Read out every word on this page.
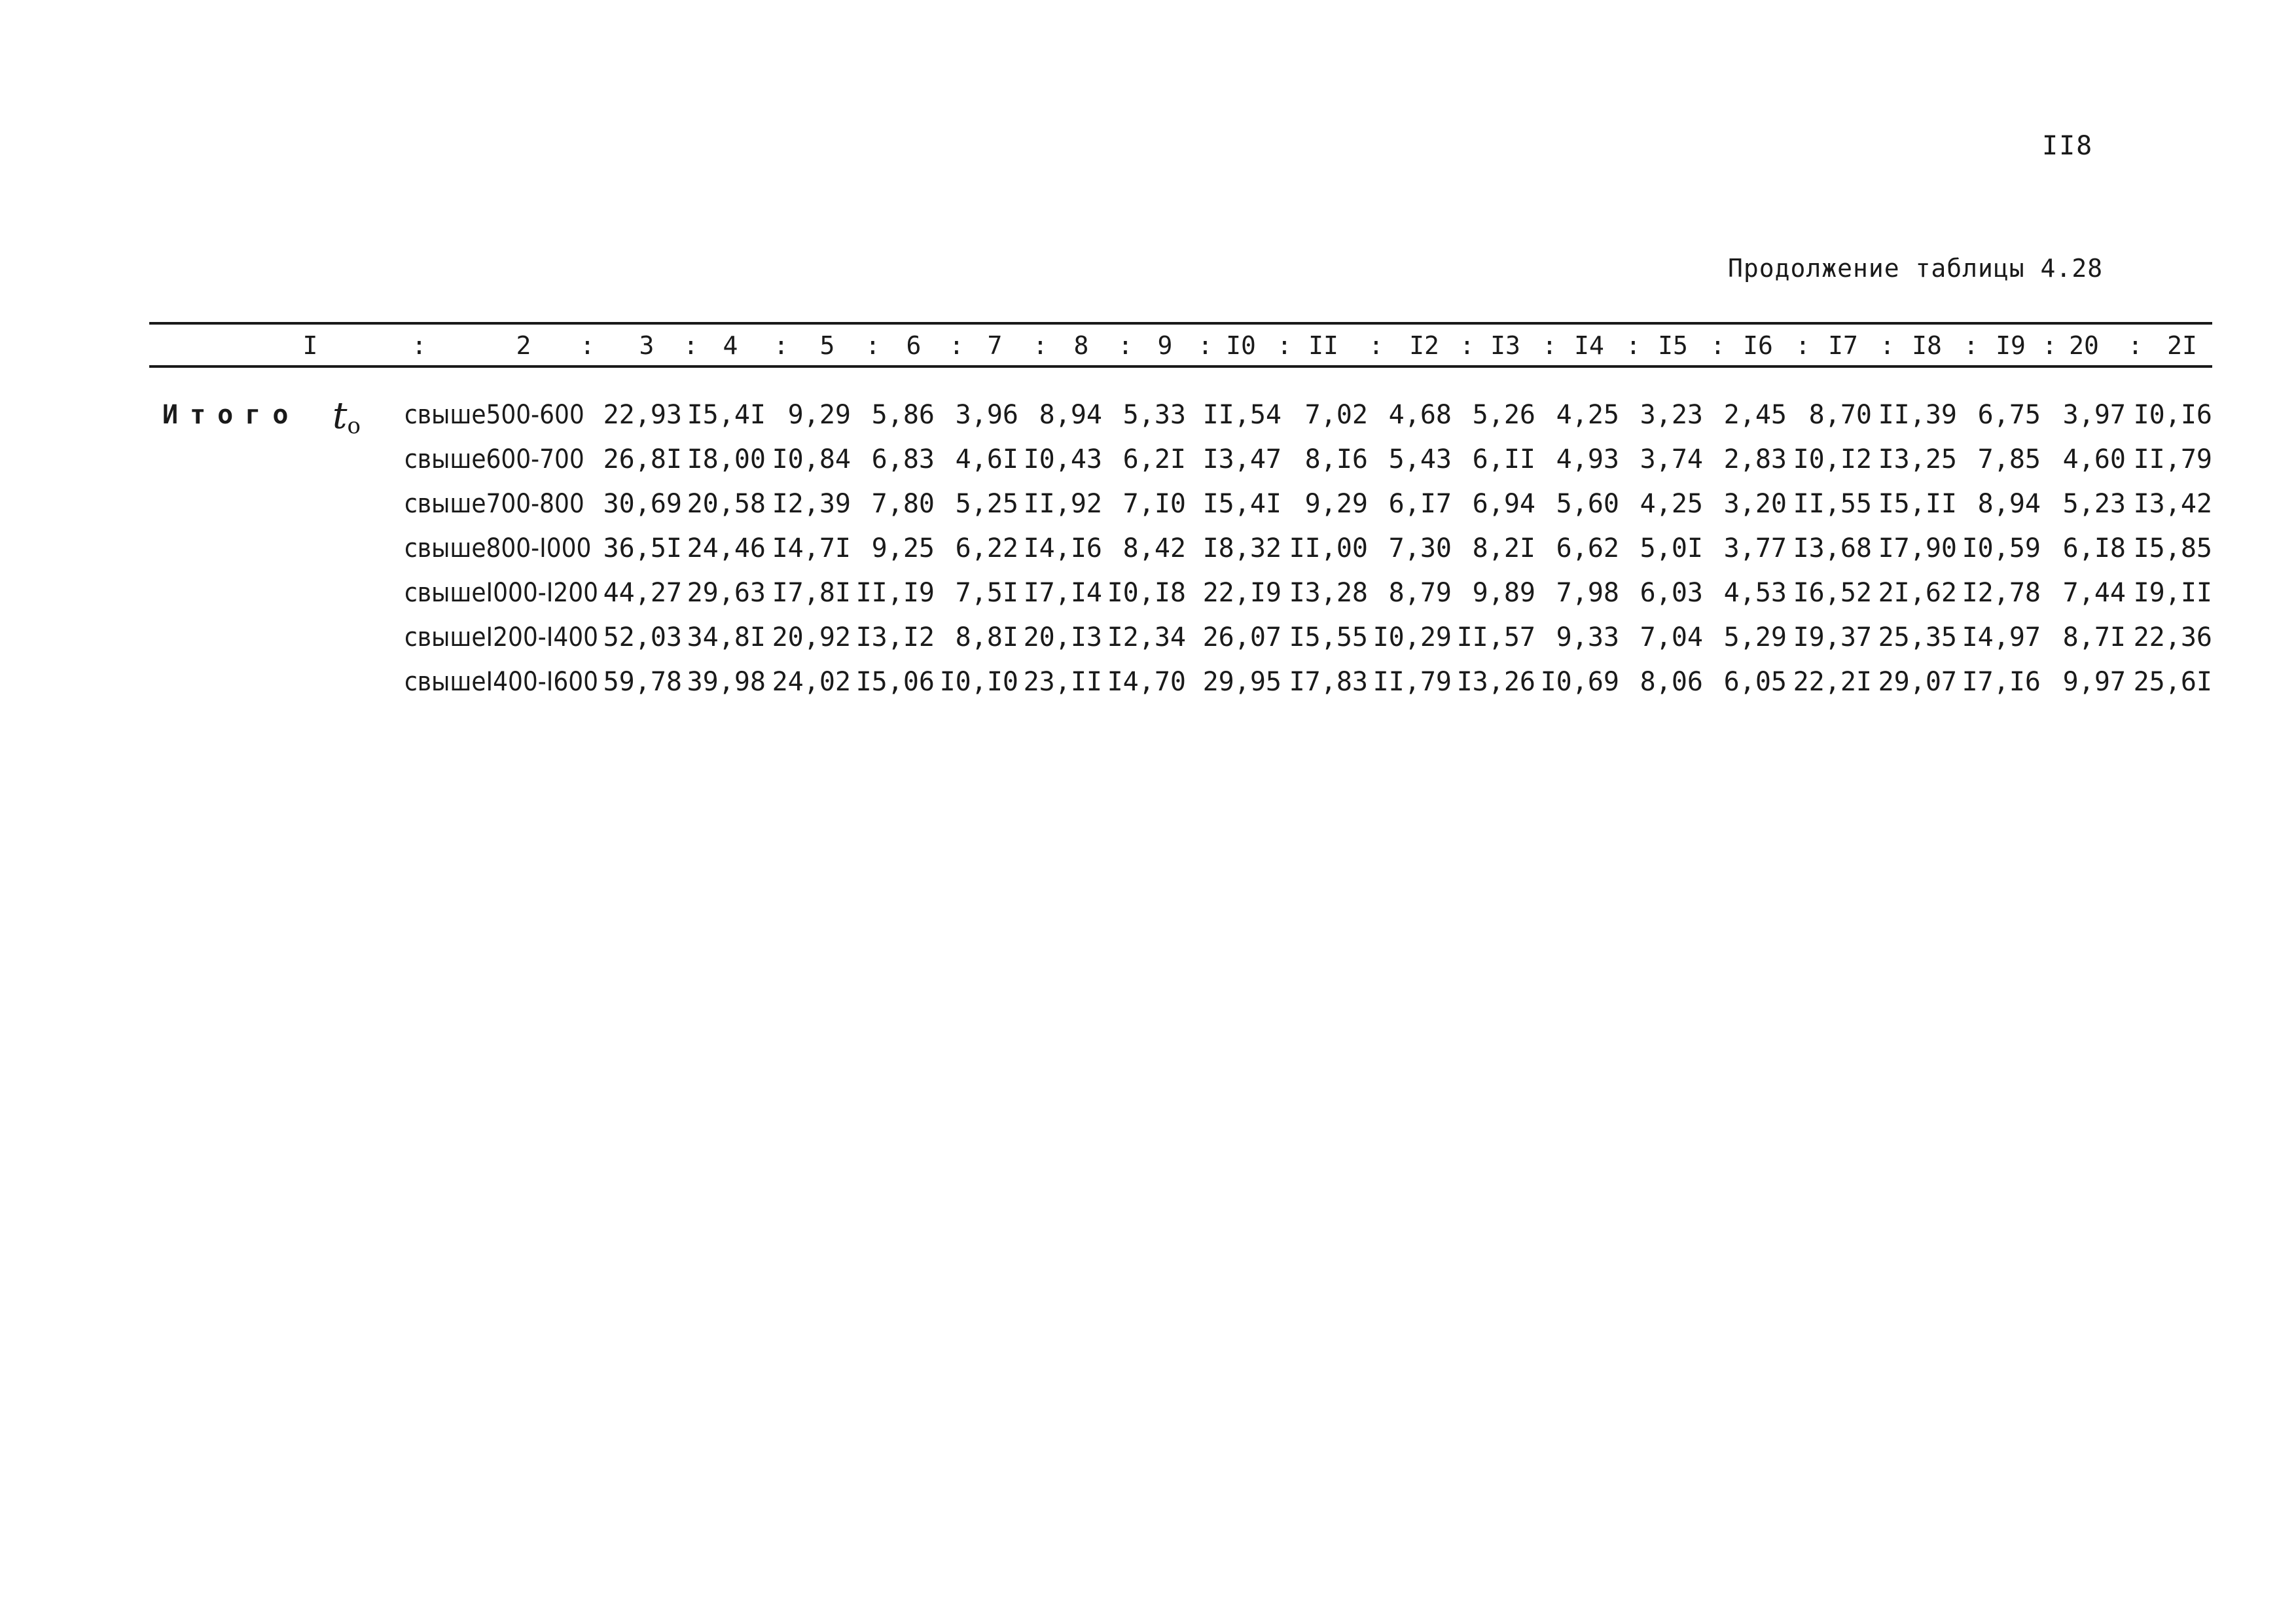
II8
Продолжение таблицы 4.28
I	:	2	:	3	: 4	:	5	:	6	: 7	:	8	: 9	: I0 : II	:	I2 : I3 : I4 : I5 : I6 : I7 : I8 : I9 : 20	: 2I
Итого $t_o$ свыше500-600 22,93 I5,4I 9,29 5,86 3,96 8,94 5,33 II,54 7,02 4,68 5,26 4,25 3,23 2,45 8,70 II,39 6,75 3,97 I0,I6
свыше600-700 26,8I I8,00 I0,84 6,83 4,6I I0,43 6,2I I3,47 8,I6 5,43 6,II 4,93 3,74 2,83 I0,I2 I3,25 7,85 4,60 II,79
свыше700-800 30,69 20,58 I2,39 7,80 5,25 II,92 7,I0 I5,4I 9,29 6,I7 6,94 5,60 4,25 3,20 II,55 I5,II 8,94 5,23 I3,42
свыше800-I000 36,5I 24,46 I4,7I 9,25 6,22 I4,I6 8,42 I8,32 II,00 7,30 8,2I 6,62 5,0I 3,77 I3,68 I7,90 I0,59 6,I8 I5,85
свышеI000-I200 44,27 29,63 I7,8I II,I9 7,5I I7,I4 I0,I8 22,I9 I3,28 8,79 9,89 7,98 6,03 4,53 I6,52 2I,62 I2,78 7,44 I9,II
свышеI200-I400 52,03 34,8I 20,92 I3,I2 8,8I 20,I3 I2,34 26,07 I5,55 I0,29 II,57 9,33 7,04 5,29 I9,37 25,35 I4,97 8,7I 22,36
свышеI400-I600 59,78 39,98 24,02 I5,06 I0,I0 23,II I4,70 29,95 I7,83 II,79 I3,26 I0,69 8,06 6,05 22,2I 29,07 I7,I6 9,97 25,6I
